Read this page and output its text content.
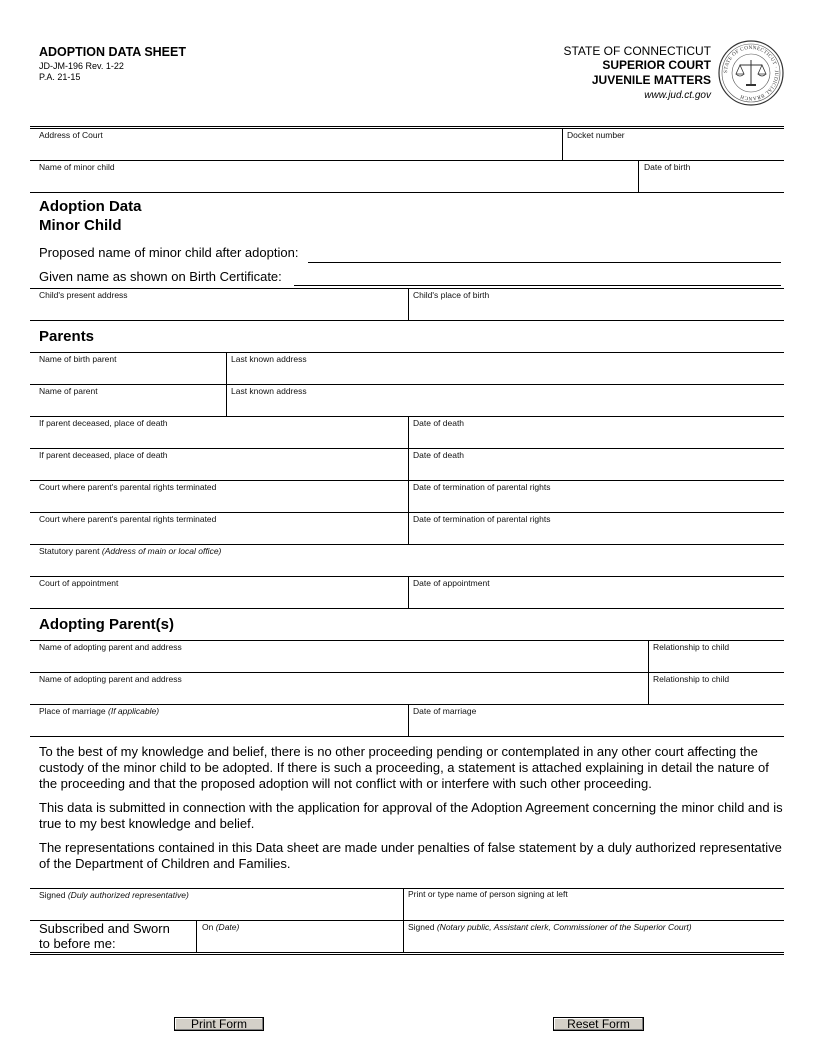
ADOPTION DATA SHEET
JD-JM-196 Rev. 1-22
P.A. 21-15
STATE OF CONNECTICUT
SUPERIOR COURT
JUVENILE MATTERS
www.jud.ct.gov
STATE OF CONNECTICUT · JUDICIAL BRANCH
Address of Court	Docket number
Name of minor child	Date of birth
Adoption Data
Minor Child
Proposed name of minor child after adoption:
Given name as shown on Birth Certificate:
Child's present address	Child's place of birth
Parents
Name of birth parent	Last known address
Name of parent	Last known address
If parent deceased, place of death	Date of death
If parent deceased, place of death	Date of death
Court where parent's parental rights terminated	Date of termination of parental rights
Court where parent's parental rights terminated	Date of termination of parental rights
Statutory parent (Address of main or local office)
Court of appointment	Date of appointment
Adopting Parent(s)
Name of adopting parent and address	Relationship to child
Name of adopting parent and address	Relationship to child
Place of marriage (If applicable)	Date of marriage
To the best of my knowledge and belief, there is no other proceeding pending or contemplated in any other court affecting the custody of the minor child to be adopted. If there is such a proceeding, a statement is attached explaining in detail the nature of the proceeding and that the proposed adoption will not conflict with or interfere with such other proceeding.
This data is submitted in connection with the application for approval of the Adoption Agreement concerning the minor child and is true to my best knowledge and belief.
The representations contained in this Data sheet are made under penalties of false statement by a duly authorized representative of the Department of Children and Families.
Signed (Duly authorized representative)	Print or type name of person signing at left
Subscribed and Sworn
to before me:
On (Date)	Signed (Notary public, Assistant clerk, Commissioner of the Superior Court)
Print Form	Reset Form
